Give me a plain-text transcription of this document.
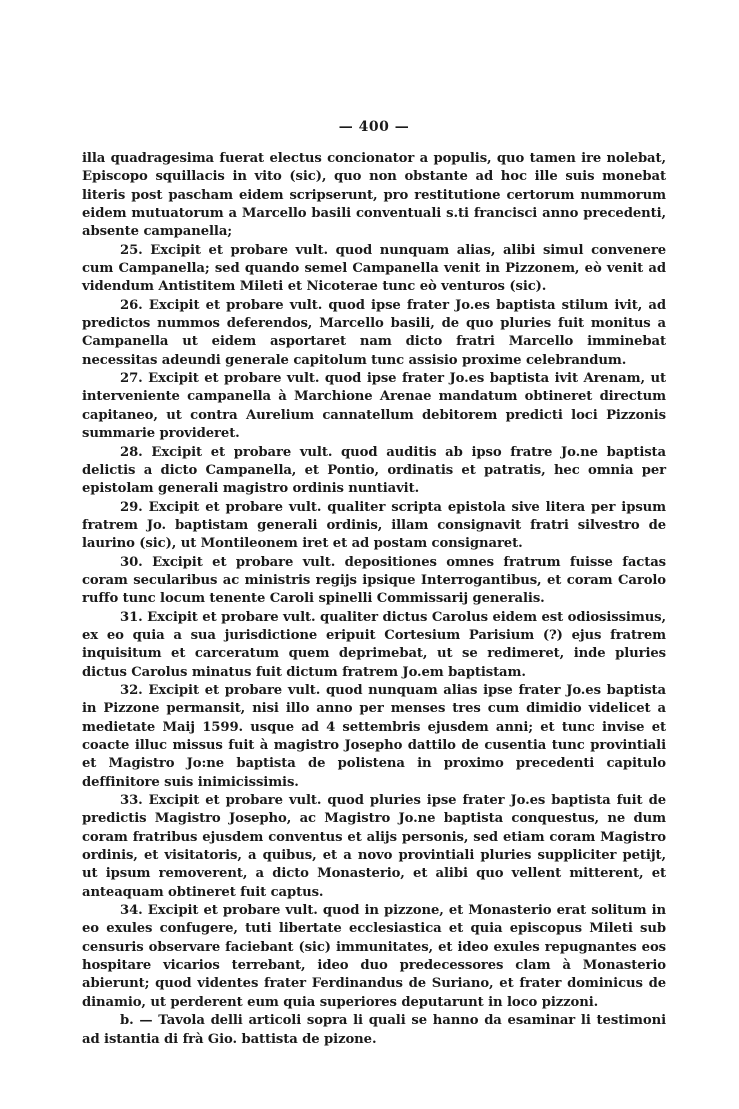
— 400 —

illa quadragesima fuerat electus concionator a populis, quo tamen ire nolebat, Episcopo squillacis in vito (sic), quo non obstante ad hoc ille suis monebat literis post pascham eidem scripserunt, pro restitutione certorum nummorum eidem mutuatorum a Marcello basili conventuali s.ti francisci anno precedenti, absente campanella;

25. Excipit et probare vult. quod nunquam alias, alibi simul convenere cum Campanella; sed quando semel Campanella venit in Pizzonem, eò venit ad videndum Antistitem Mileti et Nicoterae tunc eò venturos (sic).

26. Excipit et probare vult. quod ipse frater Jo.es baptista stilum ivit, ad predictos nummos deferendos, Marcello basili, de quo pluries fuit monitus a Campanella ut eidem asportaret nam dicto fratri Marcello imminebat necessitas adeundi generale capitolum tunc assisio proxime celebrandum.

27. Excipit et probare vult. quod ipse frater Jo.es baptista ivit Arenam, ut interveniente campanella à Marchione Arenae mandatum obtineret directum capitaneo, ut contra Aurelium cannatellum debitorem predicti loci Pizzonis summarie provideret.

28. Excipit et probare vult. quod auditis ab ipso fratre Jo.ne baptista delictis a dicto Campanella, et Pontio, ordinatis et patratis, hec omnia per epistolam generali magistro ordinis nuntiavit.

29. Excipit et probare vult. qualiter scripta epistola sive litera per ipsum fratrem Jo. baptistam generali ordinis, illam consignavit fratri silvestro de laurino (sic), ut Montileonem iret et ad postam consignaret.

30. Excipit et probare vult. depositiones omnes fratrum fuisse factas coram secularibus ac ministris regijs ipsique Interrogantibus, et coram Carolo ruffo tunc locum tenente Caroli spinelli Commissarij generalis.

31. Excipit et probare vult. qualiter dictus Carolus eidem est odiosissimus, ex eo quia a sua jurisdictione eripuit Cortesium Parisium (?) ejus fratrem inquisitum et carceratum quem deprimebat, ut se redimeret, inde pluries dictus Carolus minatus fuit dictum fratrem Jo.em baptistam.

32. Excipit et probare vult. quod nunquam alias ipse frater Jo.es baptista in Pizzone permansit, nisi illo anno per menses tres cum dimidio videlicet a medietate Maij 1599. usque ad 4 settembris ejusdem anni; et tunc invise et coacte illuc missus fuit à magistro Josepho dattilo de cusentia tunc provintiali et Magistro Jo:ne baptista de polistena in proximo precedenti capitulo deffinitore suis inimicissimis.

33. Excipit et probare vult. quod pluries ipse frater Jo.es baptista fuit de predictis Magistro Josepho, ac Magistro Jo.ne baptista conquestus, ne dum coram fratribus ejusdem conventus et alijs personis, sed etiam coram Magistro ordinis, et visitatoris, a quibus, et a novo provintiali pluries suppliciter petijt, ut ipsum removerent, a dicto Monasterio, et alibi quo vellent mitterent, et anteaquam obtineret fuit captus.

34. Excipit et probare vult. quod in pizzone, et Monasterio erat solitum in eo exules confugere, tuti libertate ecclesiastica et quia episcopus Mileti sub censuris observare faciebant (sic) immunitates, et ideo exules repugnantes eos hospitare vicarios terrebant, ideo duo predecessores clam à Monasterio abierunt; quod videntes frater Ferdinandus de Suriano, et frater dominicus de dinamio, ut perderent eum quia superiores deputarunt in loco pizzoni.

b. — Tavola delli articoli sopra li quali se hanno da esaminar li testimoni ad istantia di frà Gio. battista de pizone.
